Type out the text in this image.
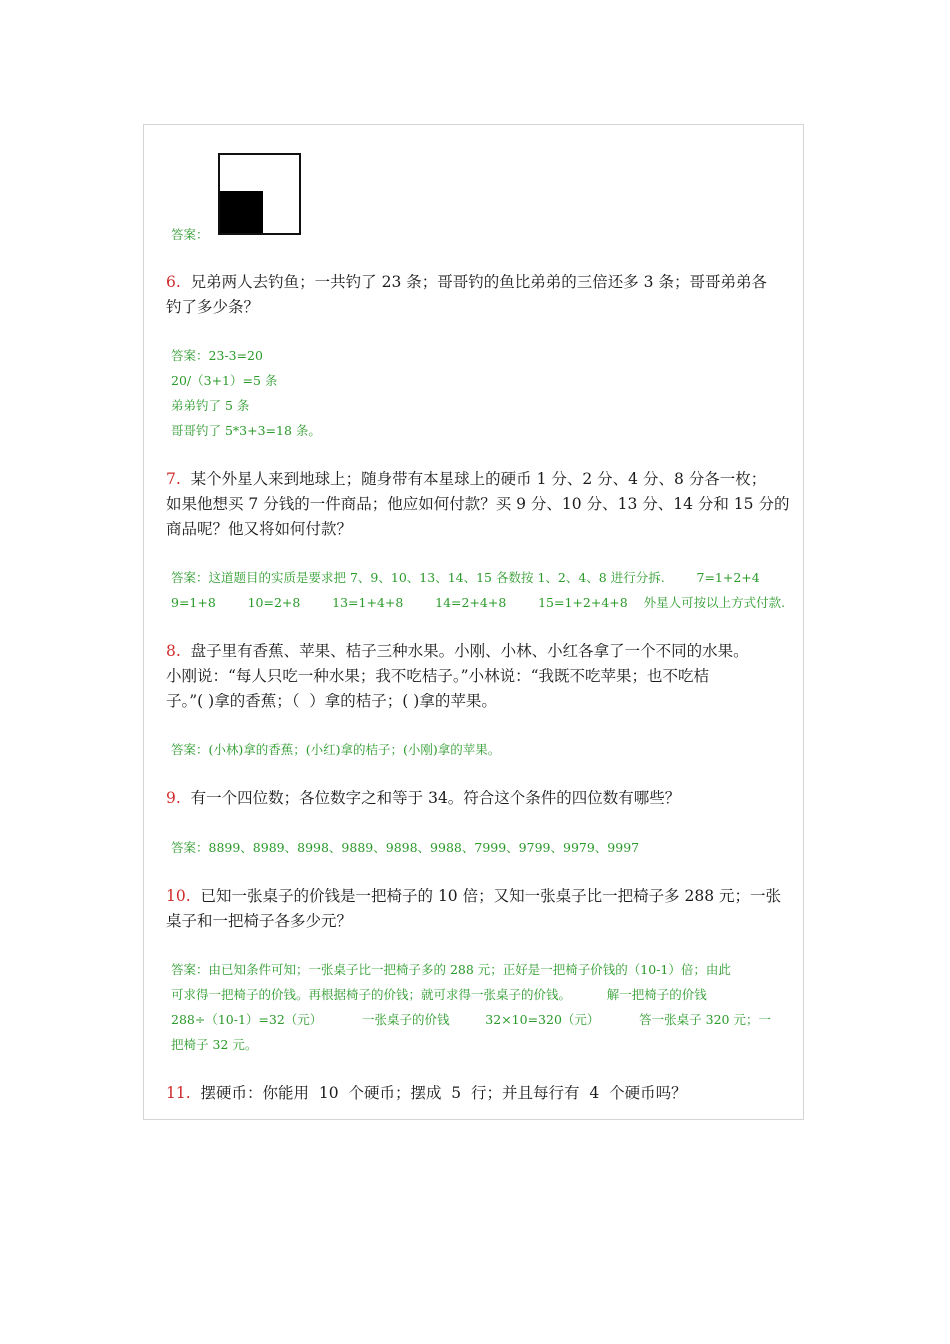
答案：
6. 兄弟两人去钓鱼；一共钓了 23 条；哥哥钓的鱼比弟弟的三倍还多 3 条；哥哥弟弟各
钓了多少条？
答案：23-3=20
20/（3+1）=5 条
弟弟钓了 5 条
哥哥钓了 5*3+3=18 条。
7. 某个外星人来到地球上；随身带有本星球上的硬币 1 分、2 分、4 分、8 分各一枚；
如果他想买 7 分钱的一件商品；他应如何付款？买 9 分、10 分、13 分、14 分和 15 分的
商品呢？他又将如何付款？
答案：这道题目的实质是要求把 7、9、10、13、14、15 各数按 1、2、4、8 进行分拆.        7=1+2+4
9=1+8        10=2+8        13=1+4+8        14=2+4+8        15=1+2+4+8    外星人可按以上方式付款.
8. 盘子里有香蕉、苹果、桔子三种水果。小刚、小林、小红各拿了一个不同的水果。
小刚说：“每人只吃一种水果；我不吃桔子。”小林说：“我既不吃苹果；也不吃桔
子。”( )拿的香蕉；（  ）拿的桔子；( )拿的苹果。
答案：(小林)拿的香蕉；(小红)拿的桔子；(小刚)拿的苹果。
9. 有一个四位数；各位数字之和等于 34。符合这个条件的四位数有哪些？
答案：8899、8989、8998、9889、9898、9988、7999、9799、9979、9997
10. 已知一张桌子的价钱是一把椅子的 10 倍；又知一张桌子比一把椅子多 288 元；一张
桌子和一把椅子各多少元？
答案：由已知条件可知；一张桌子比一把椅子多的 288 元；正好是一把椅子价钱的（10-1）倍；由此
可求得一把椅子的价钱。再根据椅子的价钱；就可求得一张桌子的价钱。         解一把椅子的价钱
288÷（10-1）=32（元）          一张桌子的价钱         32×10=320（元）          答一张桌子 320 元；一
把椅子 32 元。
11. 摆硬币：你能用  10  个硬币；摆成  5  行；并且每行有  4  个硬币吗？
